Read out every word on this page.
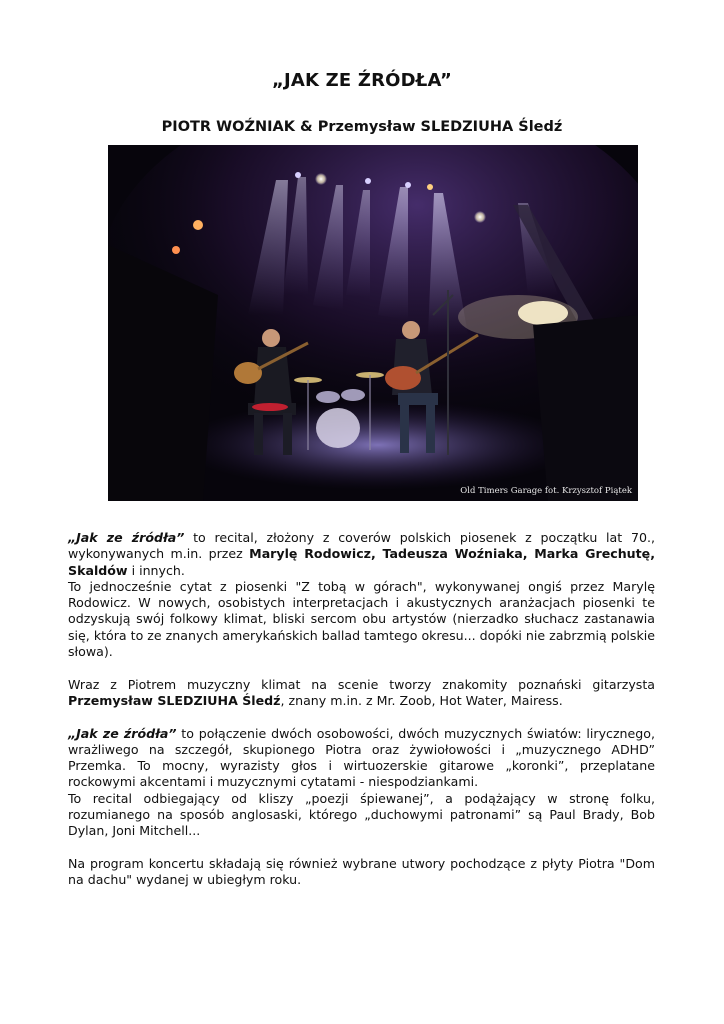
„JAK ZE ŹRÓDŁA”
PIOTR WOŹNIAK & Przemysław SLEDZIUHA Śledź
Old Timers Garage fot. Krzysztof Piątek

„Jak ze źródła” to recital, złożony z coverów polskich piosenek z początku lat 70., wykonywanych m.in. przez Marylę Rodowicz, Tadeusza Woźniaka, Marka Grechutę, Skaldów i innych.
To jednocześnie cytat z piosenki "Z tobą w górach", wykonywanej ongiś przez Marylę Rodowicz. W nowych, osobistych interpretacjach i akustycznych aranżacjach piosenki te odzyskują swój folkowy klimat, bliski sercom obu artystów (nierzadko słuchacz zastanawia się, która to ze znanych amerykańskich ballad tamtego okresu... dopóki nie zabrzmią polskie słowa).

Wraz z Piotrem muzyczny klimat na scenie tworzy znakomity poznański gitarzysta Przemysław SLEDZIUHA Śledź, znany m.in. z Mr. Zoob, Hot Water, Mairess.

„Jak ze źródła” to połączenie dwóch osobowości, dwóch muzycznych światów: lirycznego, wrażliwego na szczegół, skupionego Piotra oraz żywiołowości i „muzycznego ADHD” Przemka. To mocny, wyrazisty głos i wirtuozerskie gitarowe „koronki”, przeplatane rockowymi akcentami i muzycznymi cytatami - niespodziankami.
To recital odbiegający od kliszy „poezji śpiewanej”, a podążający w stronę folku, rozumianego na sposób anglosaski, którego „duchowymi patronami” są Paul Brady, Bob Dylan, Joni Mitchell...

Na program koncertu składają się również wybrane utwory pochodzące z płyty Piotra "Dom na dachu" wydanej w ubiegłym roku.
